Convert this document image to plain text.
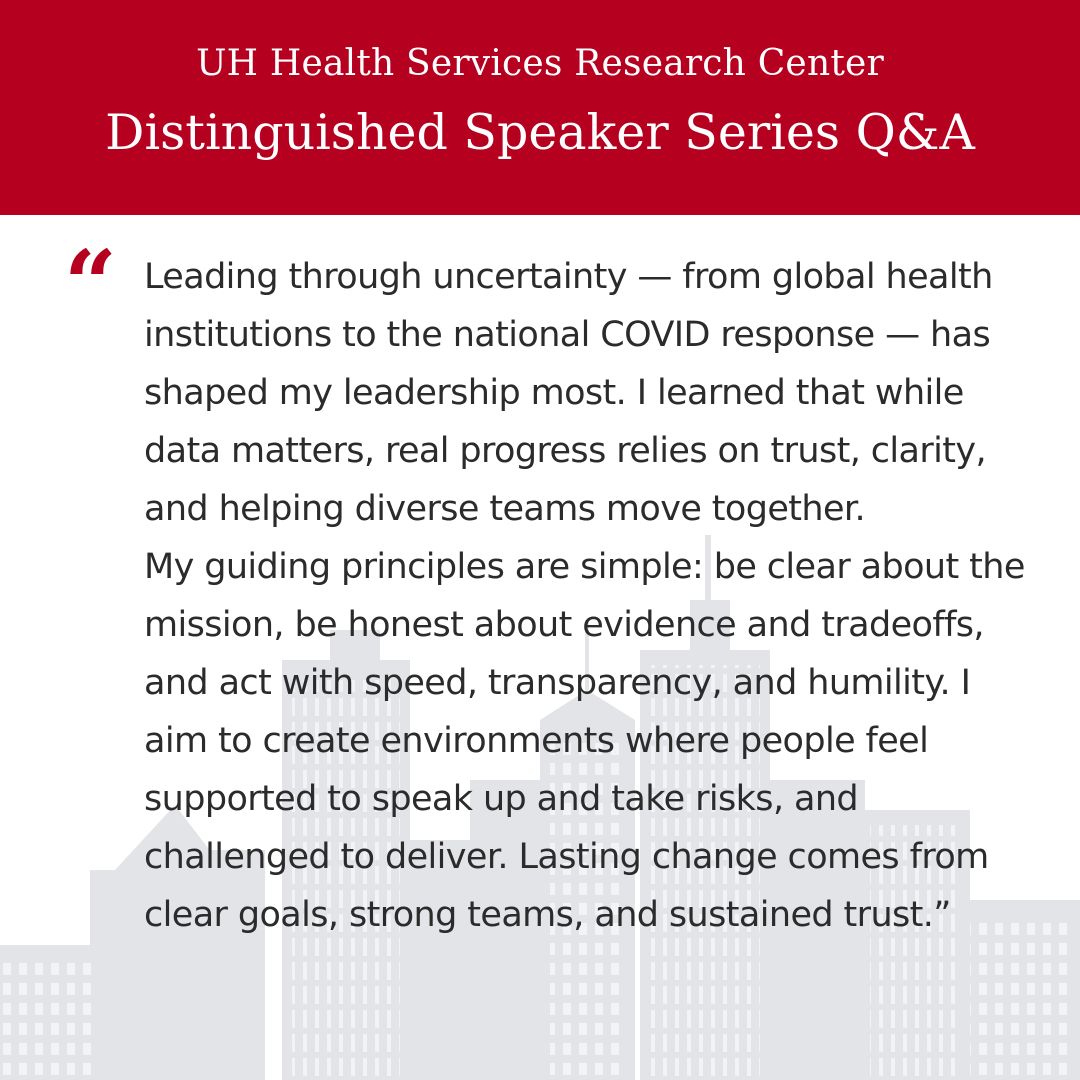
UH Health Services Research Center
Distinguished Speaker Series Q&A
“ Leading through uncertainty — from global health institutions to the national COVID response — has shaped my leadership most. I learned that while data matters, real progress relies on trust, clarity, and helping diverse teams move together.

My guiding principles are simple: be clear about the mission, be honest about evidence and tradeoffs, and act with speed, transparency, and humility. I aim to create environments where people feel supported to speak up and take risks, and challenged to deliver. Lasting change comes from clear goals, strong teams, and sustained trust.”
